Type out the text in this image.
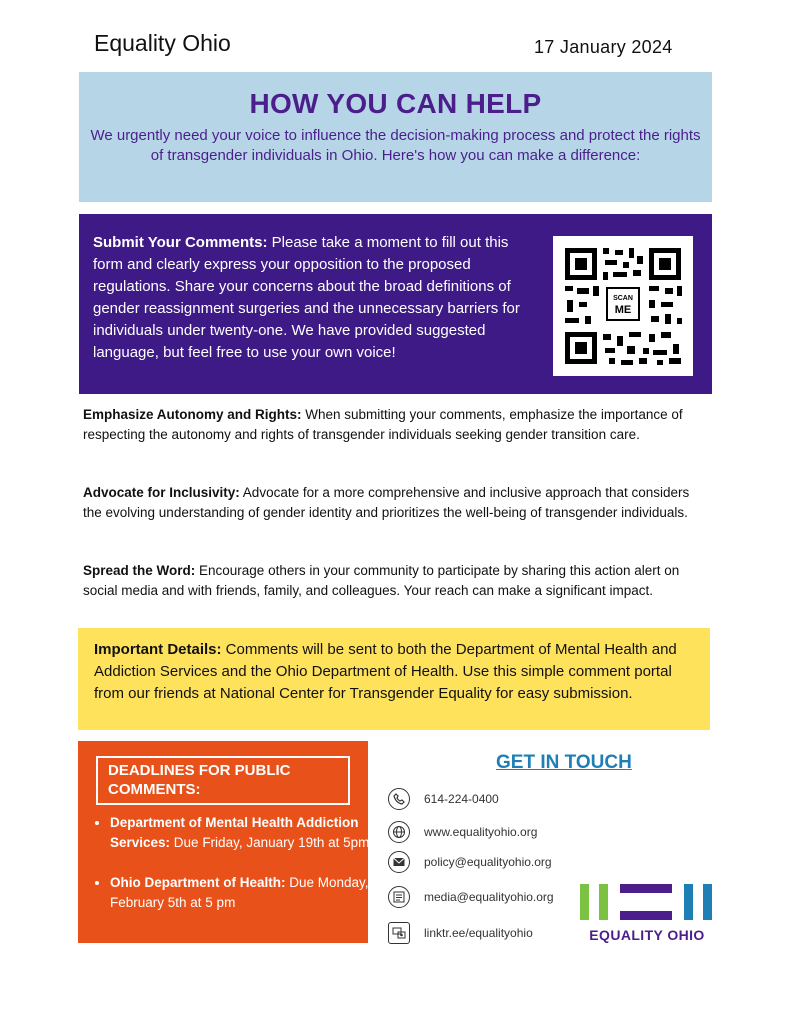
Equality Ohio	17 January 2024
HOW YOU CAN HELP

We urgently need your voice to influence the decision-making process and protect the rights of transgender individuals in Ohio. Here's how you can make a difference:

Submit Your Comments: Please take a moment to fill out this form and clearly express your opposition to the proposed regulations. Share your concerns about the broad definitions of gender reassignment surgeries and the unnecessary barriers for individuals under twenty-one. We have provided suggested language, but feel free to use your own voice!
SCAN
ME
Emphasize Autonomy and Rights: When submitting your comments, emphasize the importance of respecting the autonomy and rights of transgender individuals seeking gender transition care.
Advocate for Inclusivity: Advocate for a more comprehensive and inclusive approach that considers the evolving understanding of gender identity and prioritizes the well-being of transgender individuals.
Spread the Word: Encourage others in your community to participate by sharing this action alert on social media and with friends, family, and colleagues. Your reach can make a significant impact.
Important Details: Comments will be sent to both the Department of Mental Health and Addiction Services and the Ohio Department of Health. Use this simple comment portal from our friends at National Center for Transgender Equality for easy submission.
DEADLINES FOR PUBLIC COMMENTS:
• Department of Mental Health Addiction Services: Due Friday, January 19th at 5pm
• Ohio Department of Health: Due Monday, February 5th at 5 pm
GET IN TOUCH
614-224-0400
www.equalityohio.org
policy@equalityohio.org
media@equalityohio.org
linktr.ee/equalityohio	EQUALITY OHIO
